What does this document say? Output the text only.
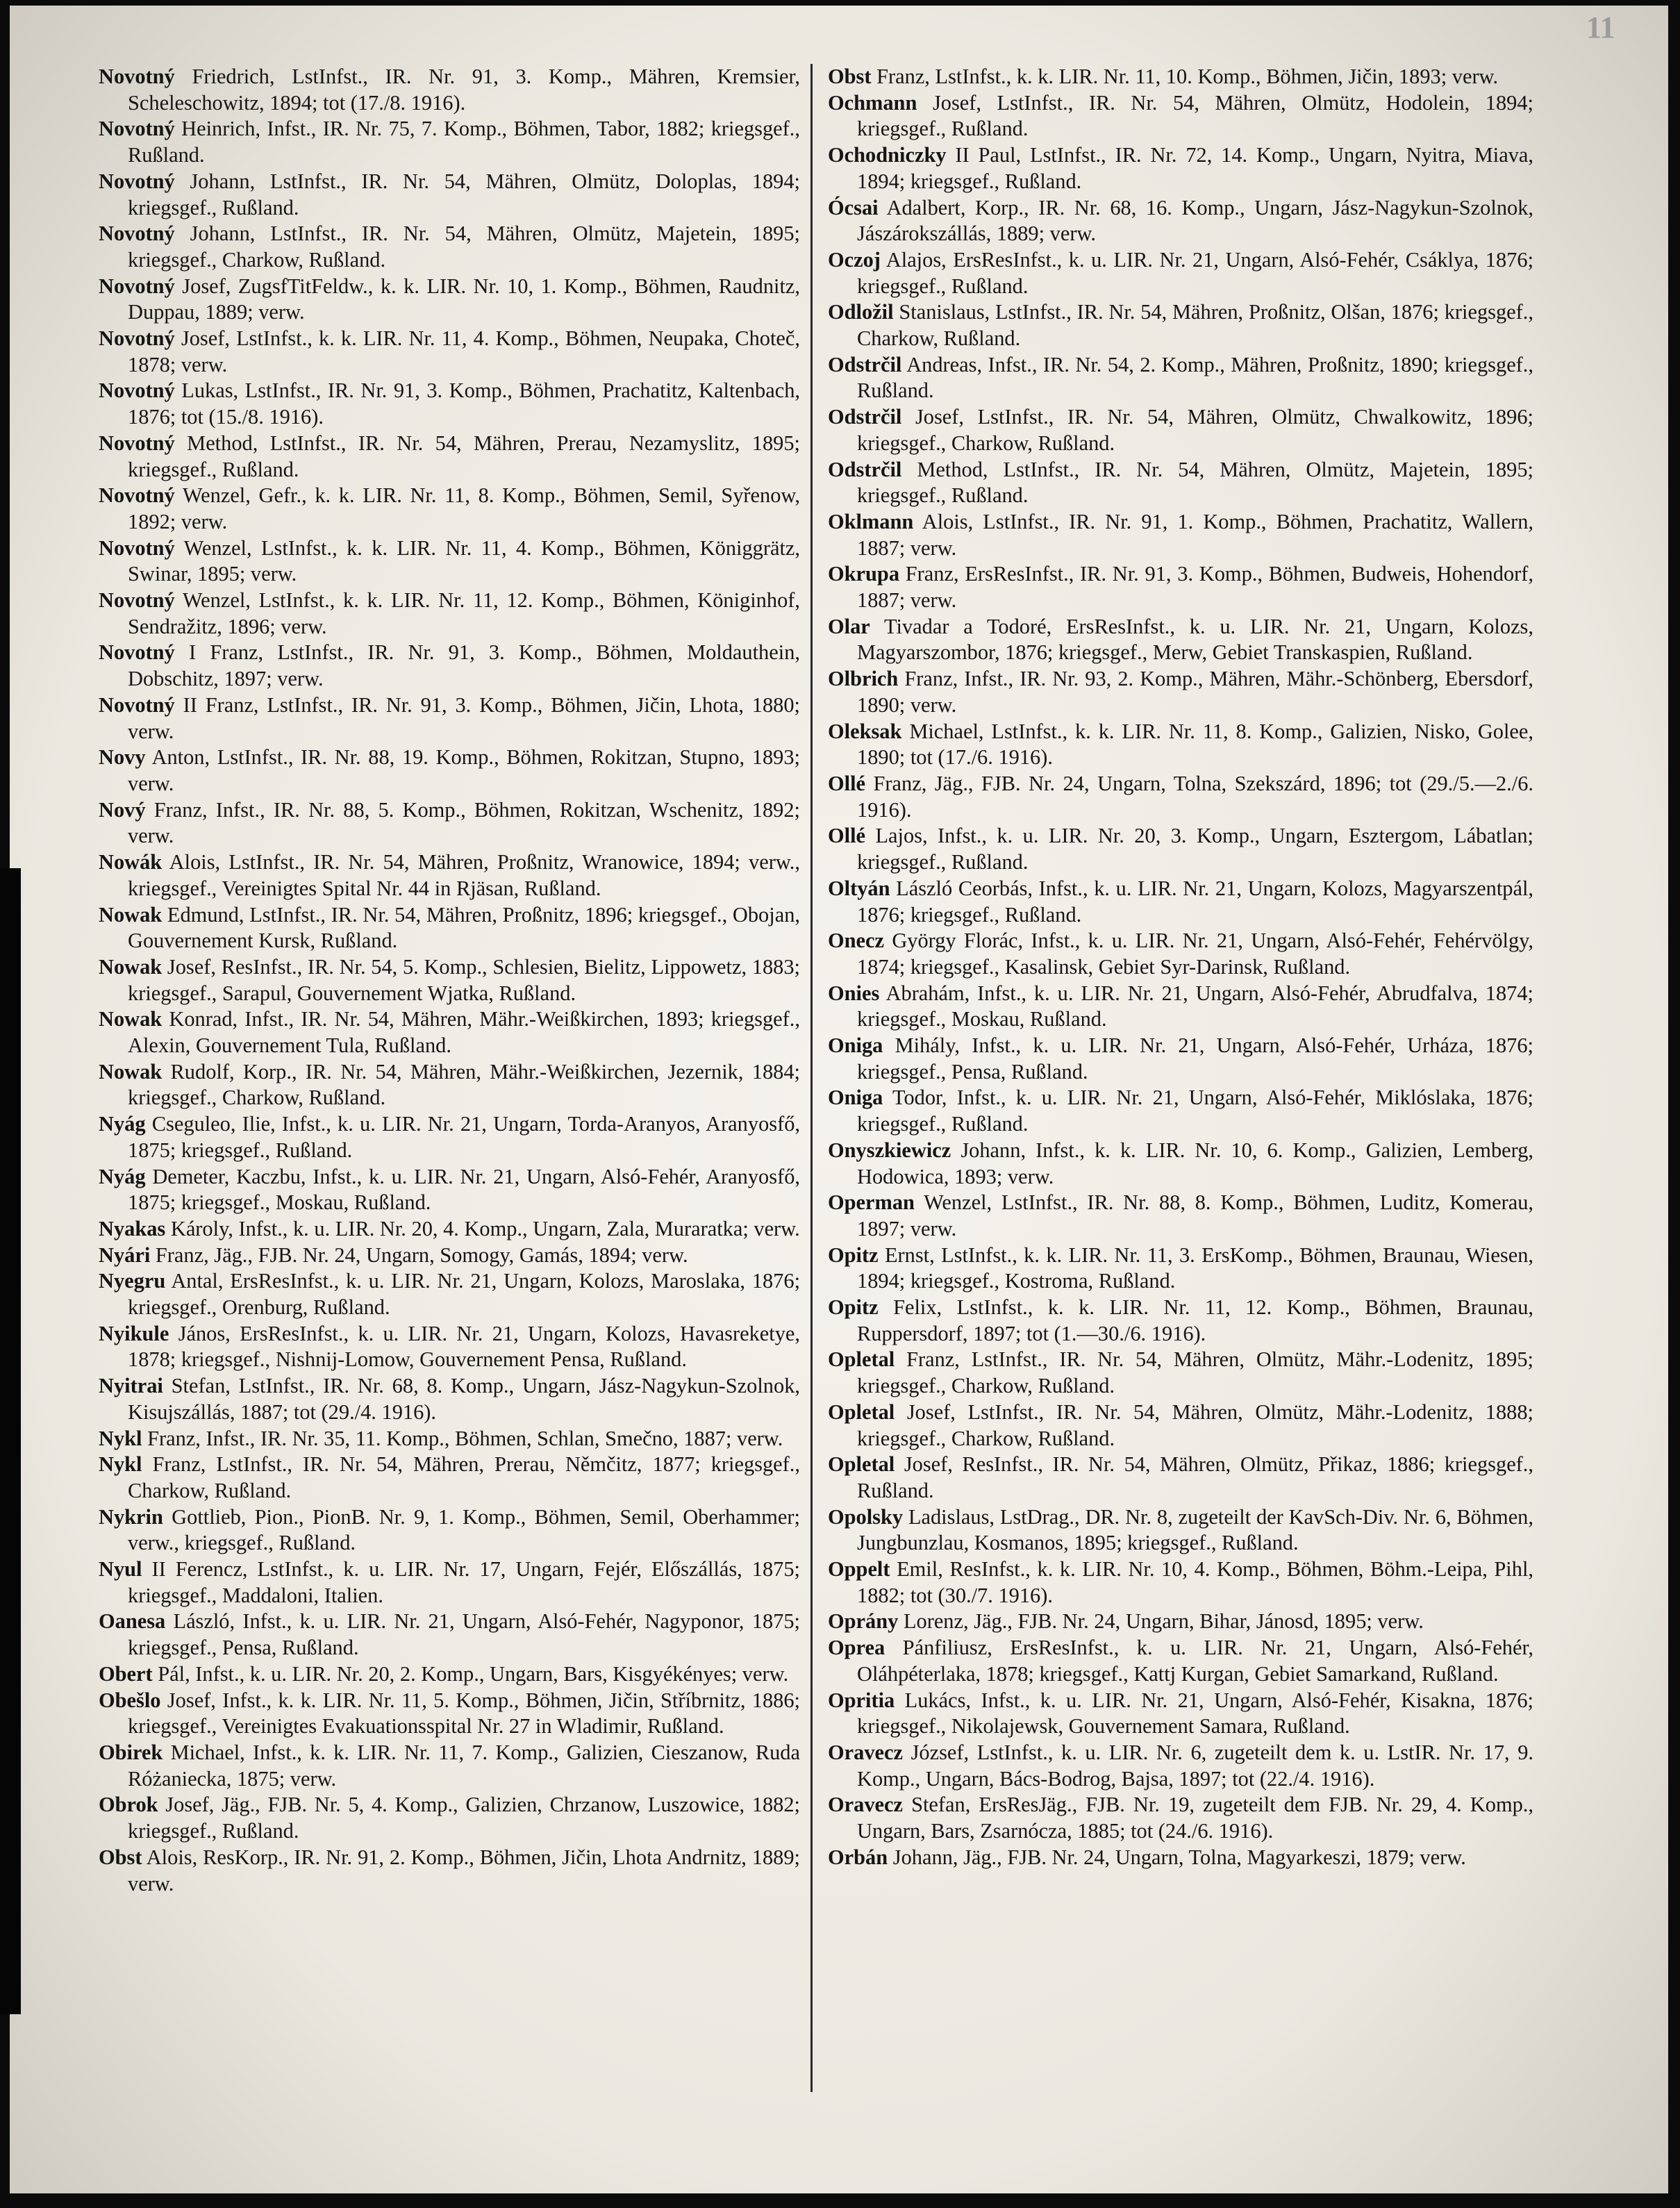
11
Novotný Friedrich, LstInfst., IR. Nr. 91, 3. Komp., Mähren, Kremsier, Scheleschowitz, 1894; tot (17./8. 1916).
Novotný Heinrich, Infst., IR. Nr. 75, 7. Komp., Böhmen, Tabor, 1882; kriegsgef., Rußland.
Novotný Johann, LstInfst., IR. Nr. 54, Mähren, Olmütz, Doloplas, 1894; kriegsgef., Rußland.
Novotný Johann, LstInfst., IR. Nr. 54, Mähren, Olmütz, Majetein, 1895; kriegsgef., Charkow, Rußland.
Novotný Josef, ZugsfTitFeldw., k. k. LIR. Nr. 10, 1. Komp., Böhmen, Raudnitz, Duppau, 1889; verw.
Novotný Josef, LstInfst., k. k. LIR. Nr. 11, 4. Komp., Böhmen, Neupaka, Choteč, 1878; verw.
Novotný Lukas, LstInfst., IR. Nr. 91, 3. Komp., Böhmen, Prachatitz, Kaltenbach, 1876; tot (15./8. 1916).
Novotný Method, LstInfst., IR. Nr. 54, Mähren, Prerau, Nezamyslitz, 1895; kriegsgef., Rußland.
Novotný Wenzel, Gefr., k. k. LIR. Nr. 11, 8. Komp., Böhmen, Semil, Syřenow, 1892; verw.
Novotný Wenzel, LstInfst., k. k. LIR. Nr. 11, 4. Komp., Böhmen, Königgrätz, Swinar, 1895; verw.
Novotný Wenzel, LstInfst., k. k. LIR. Nr. 11, 12. Komp., Böhmen, Königinhof, Sendražitz, 1896; verw.
Novotný I Franz, LstInfst., IR. Nr. 91, 3. Komp., Böhmen, Moldauthein, Dobschitz, 1897; verw.
Novotný II Franz, LstInfst., IR. Nr. 91, 3. Komp., Böhmen, Jičin, Lhota, 1880; verw.
Novy Anton, LstInfst., IR. Nr. 88, 19. Komp., Böhmen, Rokitzan, Stupno, 1893; verw.
Nový Franz, Infst., IR. Nr. 88, 5. Komp., Böhmen, Rokitzan, Wschenitz, 1892; verw.
Nowák Alois, LstInfst., IR. Nr. 54, Mähren, Proßnitz, Wranowice, 1894; verw., kriegsgef., Vereinigtes Spital Nr. 44 in Rjäsan, Rußland.
Nowak Edmund, LstInfst., IR. Nr. 54, Mähren, Proßnitz, 1896; kriegsgef., Obojan, Gouvernement Kursk, Rußland.
Nowak Josef, ResInfst., IR. Nr. 54, 5. Komp., Schlesien, Bielitz, Lippowetz, 1883; kriegsgef., Sarapul, Gouvernement Wjatka, Rußland.
Nowak Konrad, Infst., IR. Nr. 54, Mähren, Mähr.-Weißkirchen, 1893; kriegsgef., Alexin, Gouvernement Tula, Rußland.
Nowak Rudolf, Korp., IR. Nr. 54, Mähren, Mähr.-Weißkirchen, Jezernik, 1884; kriegsgef., Charkow, Rußland.
Nyág Cseguleo, Ilie, Infst., k. u. LIR. Nr. 21, Ungarn, Torda-Aranyos, Aranyosfő, 1875; kriegsgef., Rußland.
Nyág Demeter, Kaczbu, Infst., k. u. LIR. Nr. 21, Ungarn, Alsó-Fehér, Aranyosfő, 1875; kriegsgef., Moskau, Rußland.
Nyakas Károly, Infst., k. u. LIR. Nr. 20, 4. Komp., Ungarn, Zala, Muraratka; verw.
Nyári Franz, Jäg., FJB. Nr. 24, Ungarn, Somogy, Gamás, 1894; verw.
Nyegru Antal, ErsResInfst., k. u. LIR. Nr. 21, Ungarn, Kolozs, Maroslaka, 1876; kriegsgef., Orenburg, Rußland.
Nyikule János, ErsResInfst., k. u. LIR. Nr. 21, Ungarn, Kolozs, Havasreketye, 1878; kriegsgef., Nishnij-Lomow, Gouvernement Pensa, Rußland.
Nyitrai Stefan, LstInfst., IR. Nr. 68, 8. Komp., Ungarn, Jász-Nagykun-Szolnok, Kisujszállás, 1887; tot (29./4. 1916).
Nykl Franz, Infst., IR. Nr. 35, 11. Komp., Böhmen, Schlan, Smečno, 1887; verw.
Nykl Franz, LstInfst., IR. Nr. 54, Mähren, Prerau, Němčitz, 1877; kriegsgef., Charkow, Rußland.
Nykrin Gottlieb, Pion., PionB. Nr. 9, 1. Komp., Böhmen, Semil, Oberhammer; verw., kriegsgef., Rußland.
Nyul II Ferencz, LstInfst., k. u. LIR. Nr. 17, Ungarn, Fejér, Előszállás, 1875; kriegsgef., Maddaloni, Italien.
Oanesa László, Infst., k. u. LIR. Nr. 21, Ungarn, Alsó-Fehér, Nagyponor, 1875; kriegsgef., Pensa, Rußland.
Obert Pál, Infst., k. u. LIR. Nr. 20, 2. Komp., Ungarn, Bars, Kisgyékényes; verw.
Obešlo Josef, Infst., k. k. LIR. Nr. 11, 5. Komp., Böhmen, Jičin, Stříbrnitz, 1886; kriegsgef., Vereinigtes Evakuationsspital Nr. 27 in Wladimir, Rußland.
Obirek Michael, Infst., k. k. LIR. Nr. 11, 7. Komp., Galizien, Cieszanow, Ruda Różaniecka, 1875; verw.
Obrok Josef, Jäg., FJB. Nr. 5, 4. Komp., Galizien, Chrzanow, Luszowice, 1882; kriegsgef., Rußland.
Obst Alois, ResKorp., IR. Nr. 91, 2. Komp., Böhmen, Jičin, Lhota Andrnitz, 1889; verw.
Obst Franz, LstInfst., k. k. LIR. Nr. 11, 10. Komp., Böhmen, Jičin, 1893; verw.
Ochmann Josef, LstInfst., IR. Nr. 54, Mähren, Olmütz, Hodolein, 1894; kriegsgef., Rußland.
Ochodniczky II Paul, LstInfst., IR. Nr. 72, 14. Komp., Ungarn, Nyitra, Miava, 1894; kriegsgef., Rußland.
Ócsai Adalbert, Korp., IR. Nr. 68, 16. Komp., Ungarn, Jász-Nagykun-Szolnok, Jászárokszállás, 1889; verw.
Oczoj Alajos, ErsResInfst., k. u. LIR. Nr. 21, Ungarn, Alsó-Fehér, Csáklya, 1876; kriegsgef., Rußland.
Odložil Stanislaus, LstInfst., IR. Nr. 54, Mähren, Proßnitz, Olšan, 1876; kriegsgef., Charkow, Rußland.
Odstrčil Andreas, Infst., IR. Nr. 54, 2. Komp., Mähren, Proßnitz, 1890; kriegsgef., Rußland.
Odstrčil Josef, LstInfst., IR. Nr. 54, Mähren, Olmütz, Chwalkowitz, 1896; kriegsgef., Charkow, Rußland.
Odstrčil Method, LstInfst., IR. Nr. 54, Mähren, Olmütz, Majetein, 1895; kriegsgef., Rußland.
Oklmann Alois, LstInfst., IR. Nr. 91, 1. Komp., Böhmen, Prachatitz, Wallern, 1887; verw.
Okrupa Franz, ErsResInfst., IR. Nr. 91, 3. Komp., Böhmen, Budweis, Hohendorf, 1887; verw.
Olar Tivadar a Todoré, ErsResInfst., k. u. LIR. Nr. 21, Ungarn, Kolozs, Magyarszombor, 1876; kriegsgef., Merw, Gebiet Transkaspien, Rußland.
Olbrich Franz, Infst., IR. Nr. 93, 2. Komp., Mähren, Mähr.-Schönberg, Ebersdorf, 1890; verw.
Oleksak Michael, LstInfst., k. k. LIR. Nr. 11, 8. Komp., Galizien, Nisko, Golee, 1890; tot (17./6. 1916).
Ollé Franz, Jäg., FJB. Nr. 24, Ungarn, Tolna, Szekszárd, 1896; tot (29./5.—2./6. 1916).
Ollé Lajos, Infst., k. u. LIR. Nr. 20, 3. Komp., Ungarn, Esztergom, Lábatlan; kriegsgef., Rußland.
Oltyán László Ceorbás, Infst., k. u. LIR. Nr. 21, Ungarn, Kolozs, Magyarszentpál, 1876; kriegsgef., Rußland.
Onecz György Florác, Infst., k. u. LIR. Nr. 21, Ungarn, Alsó-Fehér, Fehérvölgy, 1874; kriegsgef., Kasalinsk, Gebiet Syr-Darinsk, Rußland.
Onies Abrahám, Infst., k. u. LIR. Nr. 21, Ungarn, Alsó-Fehér, Abrudfalva, 1874; kriegsgef., Moskau, Rußland.
Oniga Mihály, Infst., k. u. LIR. Nr. 21, Ungarn, Alsó-Fehér, Urháza, 1876; kriegsgef., Pensa, Rußland.
Oniga Todor, Infst., k. u. LIR. Nr. 21, Ungarn, Alsó-Fehér, Miklóslaka, 1876; kriegsgef., Rußland.
Onyszkiewicz Johann, Infst., k. k. LIR. Nr. 10, 6. Komp., Galizien, Lemberg, Hodowica, 1893; verw.
Operman Wenzel, LstInfst., IR. Nr. 88, 8. Komp., Böhmen, Luditz, Komerau, 1897; verw.
Opitz Ernst, LstInfst., k. k. LIR. Nr. 11, 3. ErsKomp., Böhmen, Braunau, Wiesen, 1894; kriegsgef., Kostroma, Rußland.
Opitz Felix, LstInfst., k. k. LIR. Nr. 11, 12. Komp., Böhmen, Braunau, Ruppersdorf, 1897; tot (1.—30./6. 1916).
Opletal Franz, LstInfst., IR. Nr. 54, Mähren, Olmütz, Mähr.-Lodenitz, 1895; kriegsgef., Charkow, Rußland.
Opletal Josef, LstInfst., IR. Nr. 54, Mähren, Olmütz, Mähr.-Lodenitz, 1888; kriegsgef., Charkow, Rußland.
Opletal Josef, ResInfst., IR. Nr. 54, Mähren, Olmütz, Přikaz, 1886; kriegsgef., Rußland.
Opolsky Ladislaus, LstDrag., DR. Nr. 8, zugeteilt der KavSch-Div. Nr. 6, Böhmen, Jungbunzlau, Kosmanos, 1895; kriegsgef., Rußland.
Oppelt Emil, ResInfst., k. k. LIR. Nr. 10, 4. Komp., Böhmen, Böhm.-Leipa, Pihl, 1882; tot (30./7. 1916).
Oprány Lorenz, Jäg., FJB. Nr. 24, Ungarn, Bihar, Jánosd, 1895; verw.
Oprea Pánfiliusz, ErsResInfst., k. u. LIR. Nr. 21, Ungarn, Alsó-Fehér, Oláhpéterlaka, 1878; kriegsgef., Kattj Kurgan, Gebiet Samarkand, Rußland.
Opritia Lukács, Infst., k. u. LIR. Nr. 21, Ungarn, Alsó-Fehér, Kisakna, 1876; kriegsgef., Nikolajewsk, Gouvernement Samara, Rußland.
Oravecz József, LstInfst., k. u. LIR. Nr. 6, zugeteilt dem k. u. LstIR. Nr. 17, 9. Komp., Ungarn, Bács-Bodrog, Bajsa, 1897; tot (22./4. 1916).
Oravecz Stefan, ErsResJäg., FJB. Nr. 19, zugeteilt dem FJB. Nr. 29, 4. Komp., Ungarn, Bars, Zsarnócza, 1885; tot (24./6. 1916).
Orbán Johann, Jäg., FJB. Nr. 24, Ungarn, Tolna, Magyarkeszi, 1879; verw.
